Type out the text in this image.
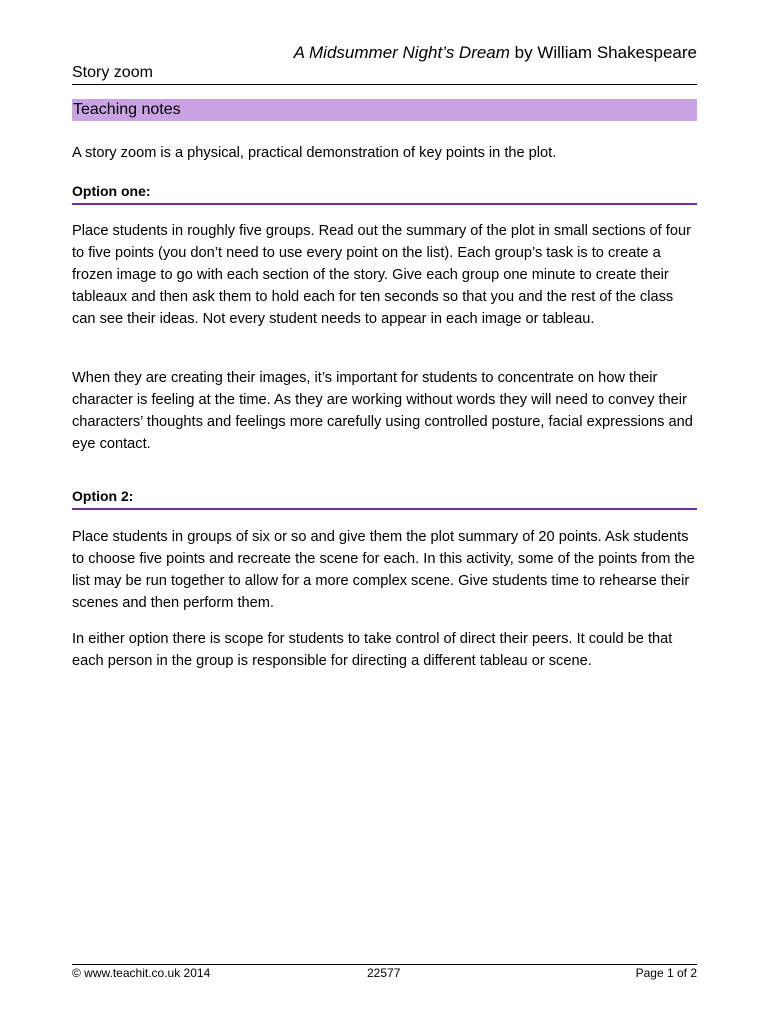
A Midsummer Night’s Dream by William Shakespeare
Story zoom
Teaching notes

A story zoom is a physical, practical demonstration of key points in the plot.

Option one:

Place students in roughly five groups. Read out the summary of the plot in small sections of four to five points (you don’t need to use every point on the list). Each group’s task is to create a frozen image to go with each section of the story. Give each group one minute to create their tableaux and then ask them to hold each for ten seconds so that you and the rest of the class can see their ideas. Not every student needs to appear in each image or tableau.

When they are creating their images, it’s important for students to concentrate on how their character is feeling at the time. As they are working without words they will need to convey their characters’ thoughts and feelings more carefully using controlled posture, facial expressions and eye contact.

Option 2:

Place students in groups of six or so and give them the plot summary of 20 points. Ask students to choose five points and recreate the scene for each. In this activity, some of the points from the list may be run together to allow for a more complex scene. Give students time to rehearse their scenes and then perform them.

In either option there is scope for students to take control of direct their peers. It could be that each person in the group is responsible for directing a different tableau or scene.

© www.teachit.co.uk 2014	22577	Page 1 of 2
